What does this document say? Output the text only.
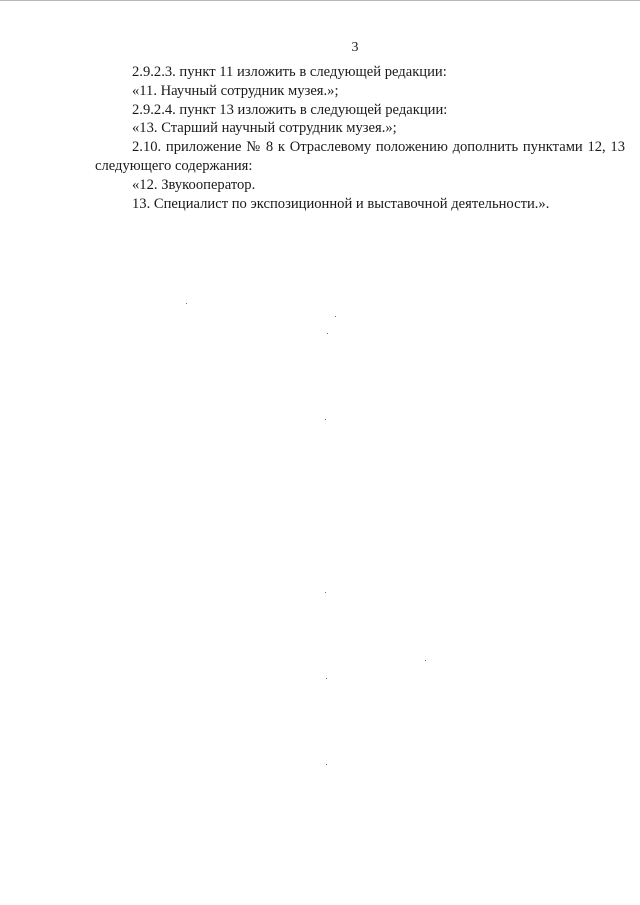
3

2.9.2.3. пункт 11 изложить в следующей редакции:

«11. Научный сотрудник музея.»;

2.9.2.4. пункт 13 изложить в следующей редакции:

«13. Старший научный сотрудник музея.»;

2.10. приложение № 8 к Отраслевому положению дополнить пунктами 12, 13 следующего содержания:

«12. Звукооператор.

13. Специалист по экспозиционной и выставочной деятельности.».
